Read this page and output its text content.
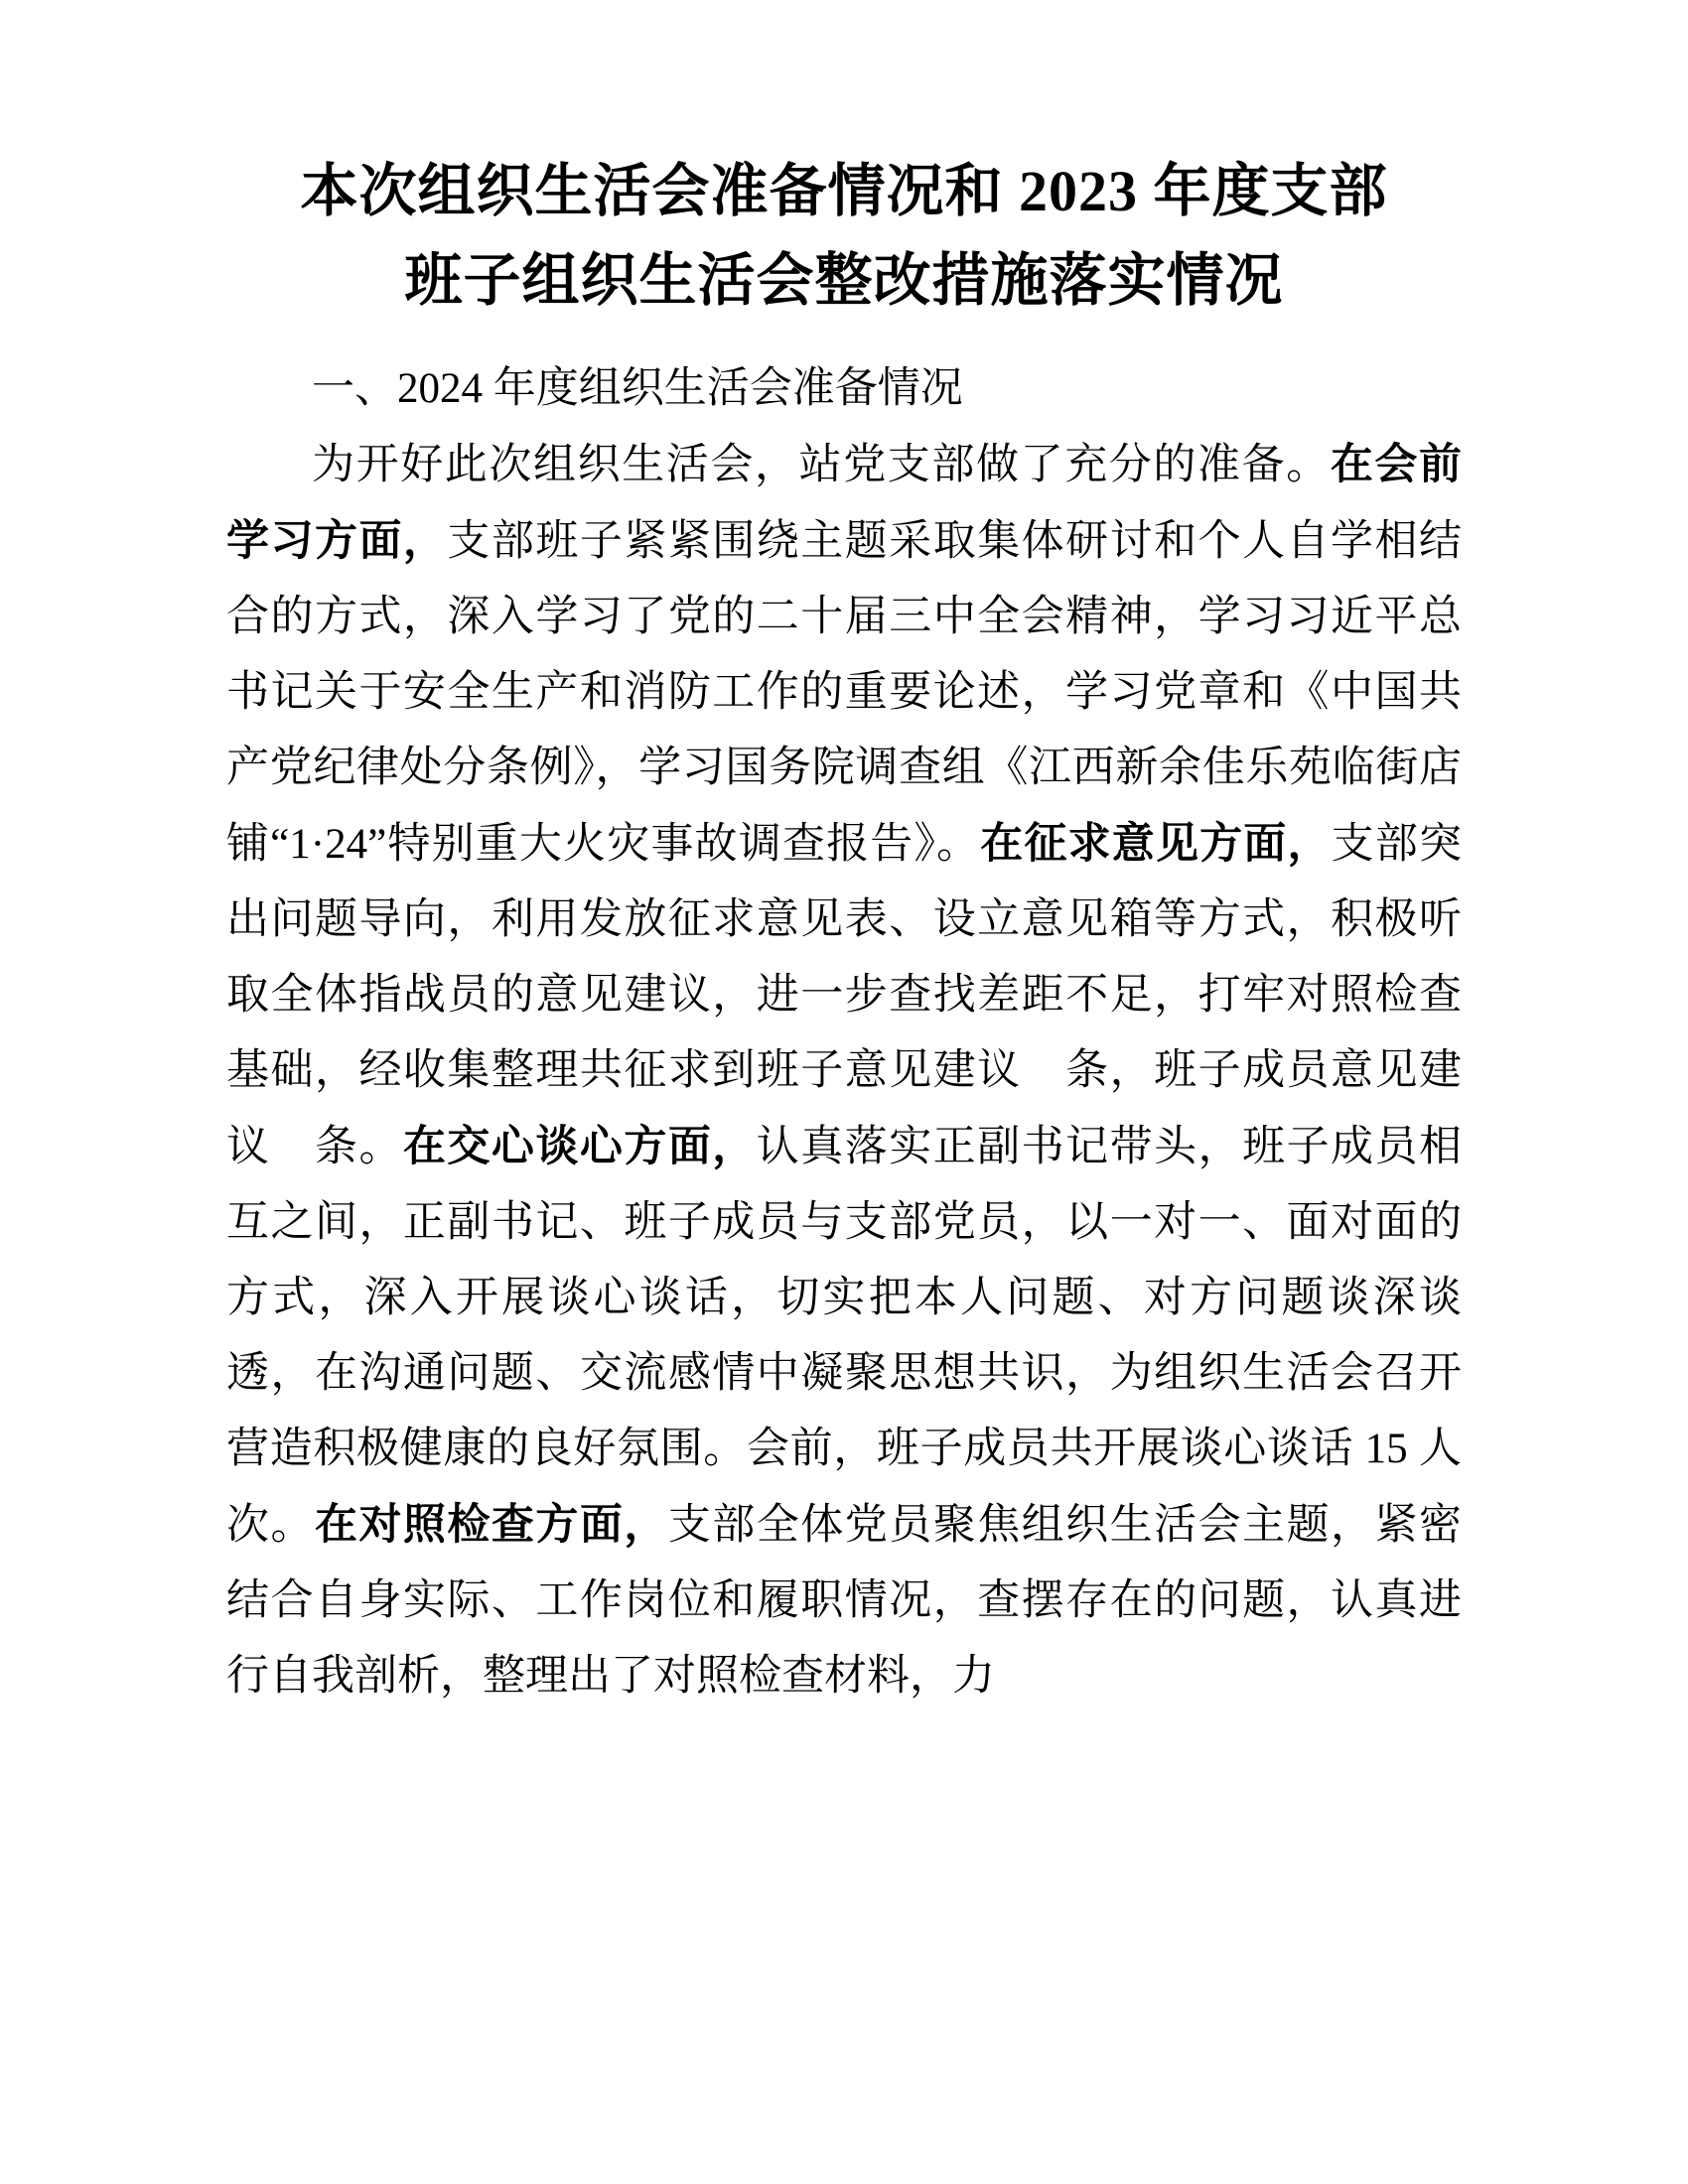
本次组织生活会准备情况和 2023 年度支部
班子组织生活会整改措施落实情况

一、2024 年度组织生活会准备情况

为开好此次组织生活会，站党支部做了充分的准备。在会前学习方面，支部班子紧紧围绕主题采取集体研讨和个人自学相结合的方式，深入学习了党的二十届三中全会精神，学习习近平总书记关于安全生产和消防工作的重要论述，学习党章和《中国共产党纪律处分条例》，学习国务院调查组《江西新余佳乐苑临街店铺“1·24”特别重大火灾事故调查报告》。在征求意见方面，支部突出问题导向，利用发放征求意见表、设立意见箱等方式，积极听取全体指战员的意见建议，进一步查找差距不足，打牢对照检查基础，经收集整理共征求到班子意见建议　条，班子成员意见建议　条。在交心谈心方面，认真落实正副书记带头，班子成员相互之间，正副书记、班子成员与支部党员，以一对一、面对面的方式，深入开展谈心谈话，切实把本人问题、对方问题谈深谈透，在沟通问题、交流感情中凝聚思想共识，为组织生活会召开营造积极健康的良好氛围。会前，班子成员共开展谈心谈话 15 人次。在对照检查方面，支部全体党员聚焦组织生活会主题，紧密结合自身实际、工作岗位和履职情况，查摆存在的问题，认真进行自我剖析，整理出了对照检查材料，力
